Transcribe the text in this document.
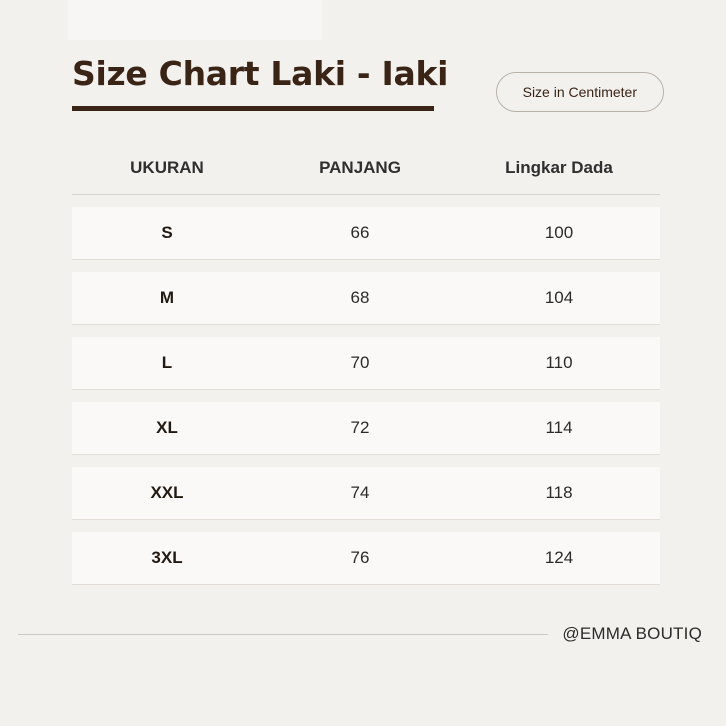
Size Chart Laki - Iaki	Size in Centimeter
UKURAN	PANJANG	Lingkar Dada
S	66	100
M	68	104
L	70	110
XL	72	114
XXL	74	118
3XL	76	124
@EMMA BOUTIQ
